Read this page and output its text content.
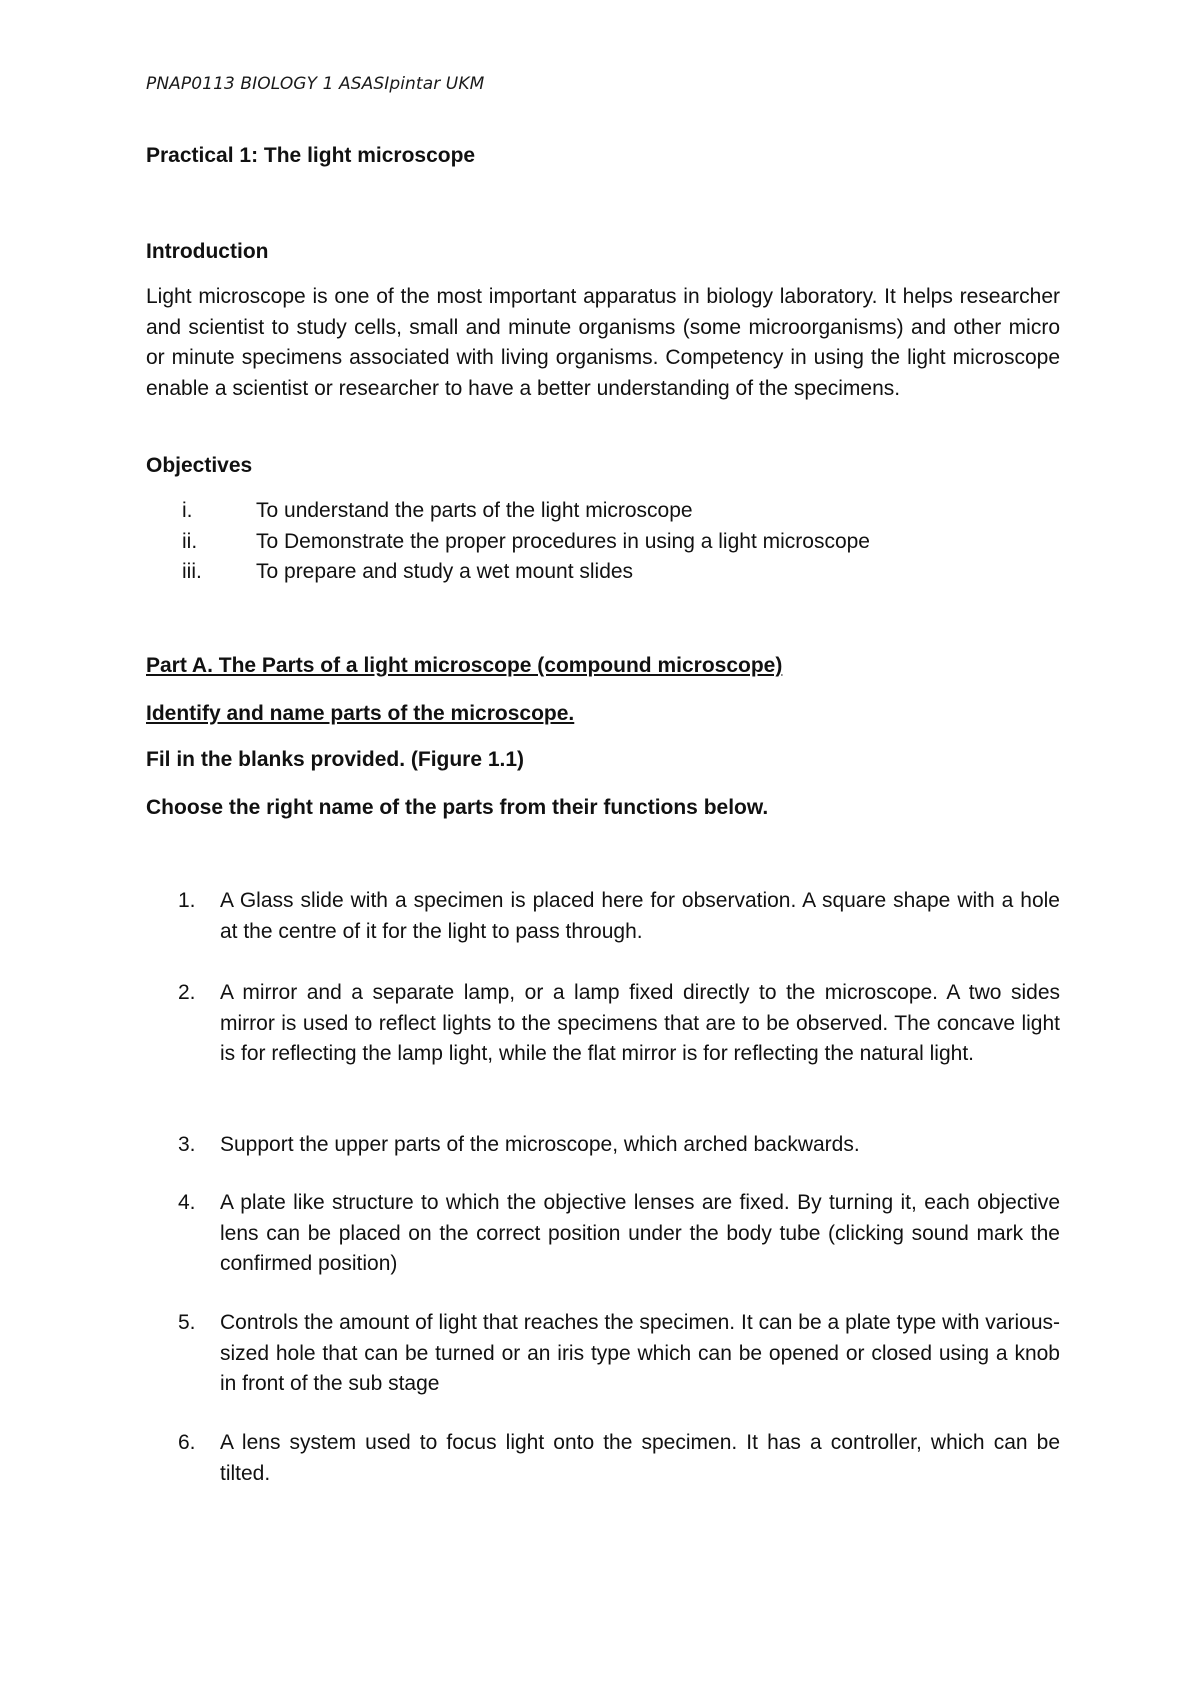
PNAP0113 BIOLOGY 1 ASASIpintar UKM
Practical 1: The light microscope
Introduction

Light microscope is one of the most important apparatus in biology laboratory. It helps researcher and scientist to study cells, small and minute organisms (some microorganisms) and other micro or minute specimens associated with living organisms. Competency in using the light microscope enable a scientist or researcher to have a better understanding of the specimens.

Objectives
i.	To understand the parts of the light microscope
ii.	To Demonstrate the proper procedures in using a light microscope
iii.	To prepare and study a wet mount slides
Part A. The Parts of a light microscope (compound microscope)
Identify and name parts of the microscope.
Fil in the blanks provided. (Figure 1.1)
Choose the right name of the parts from their functions below.
1. A Glass slide with a specimen is placed here for observation. A square shape with a hole at the centre of it for the light to pass through.
2. A mirror and a separate lamp, or a lamp fixed directly to the microscope. A two sides mirror is used to reflect lights to the specimens that are to be observed. The concave light is for reflecting the lamp light, while the flat mirror is for reflecting the natural light.
3. Support the upper parts of the microscope, which arched backwards.
4. A plate like structure to which the objective lenses are fixed. By turning it, each objective lens can be placed on the correct position under the body tube (clicking sound mark the confirmed position)
5. Controls the amount of light that reaches the specimen. It can be a plate type with various-sized hole that can be turned or an iris type which can be opened or closed using a knob in front of the sub stage
6. A lens system used to focus light onto the specimen. It has a controller, which can be tilted.
